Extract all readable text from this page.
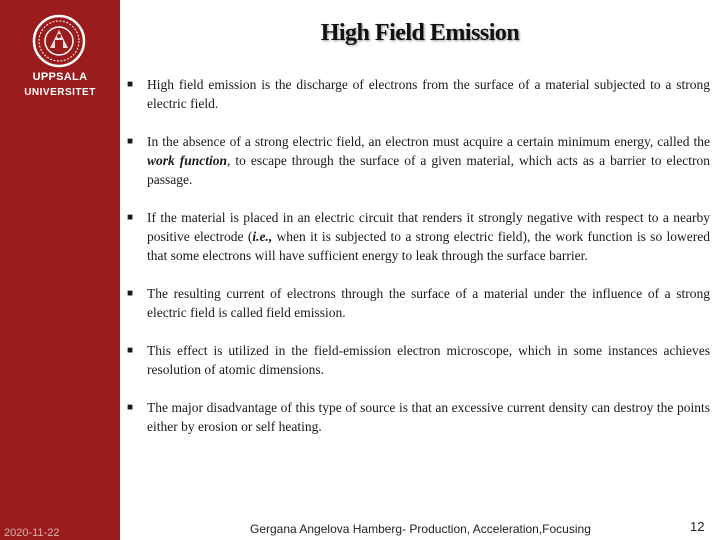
UPPSALA
UNIVERSITET
2020-11-22
High Field Emission
■ High field emission is the discharge of electrons from the surface of a material subjected to a strong electric field.
■ In the absence of a strong electric field, an electron must acquire a certain minimum energy, called the work function, to escape through the surface of a given material, which acts as a barrier to electron passage.
■ If the material is placed in an electric circuit that renders it strongly negative with respect to a nearby positive electrode (i.e., when it is subjected to a strong electric field), the work function is so lowered that some electrons will have sufficient energy to leak through the surface barrier.
■ The resulting current of electrons through the surface of a material under the influence of a strong electric field is called field emission.
■ This effect is utilized in the field-emission electron microscope, which in some instances achieves resolution of atomic dimensions.
■ The major disadvantage of this type of source is that an excessive current density can destroy the points either by erosion or self heating.
Gergana Angelova Hamberg- Production, Acceleration,Focusing	12
